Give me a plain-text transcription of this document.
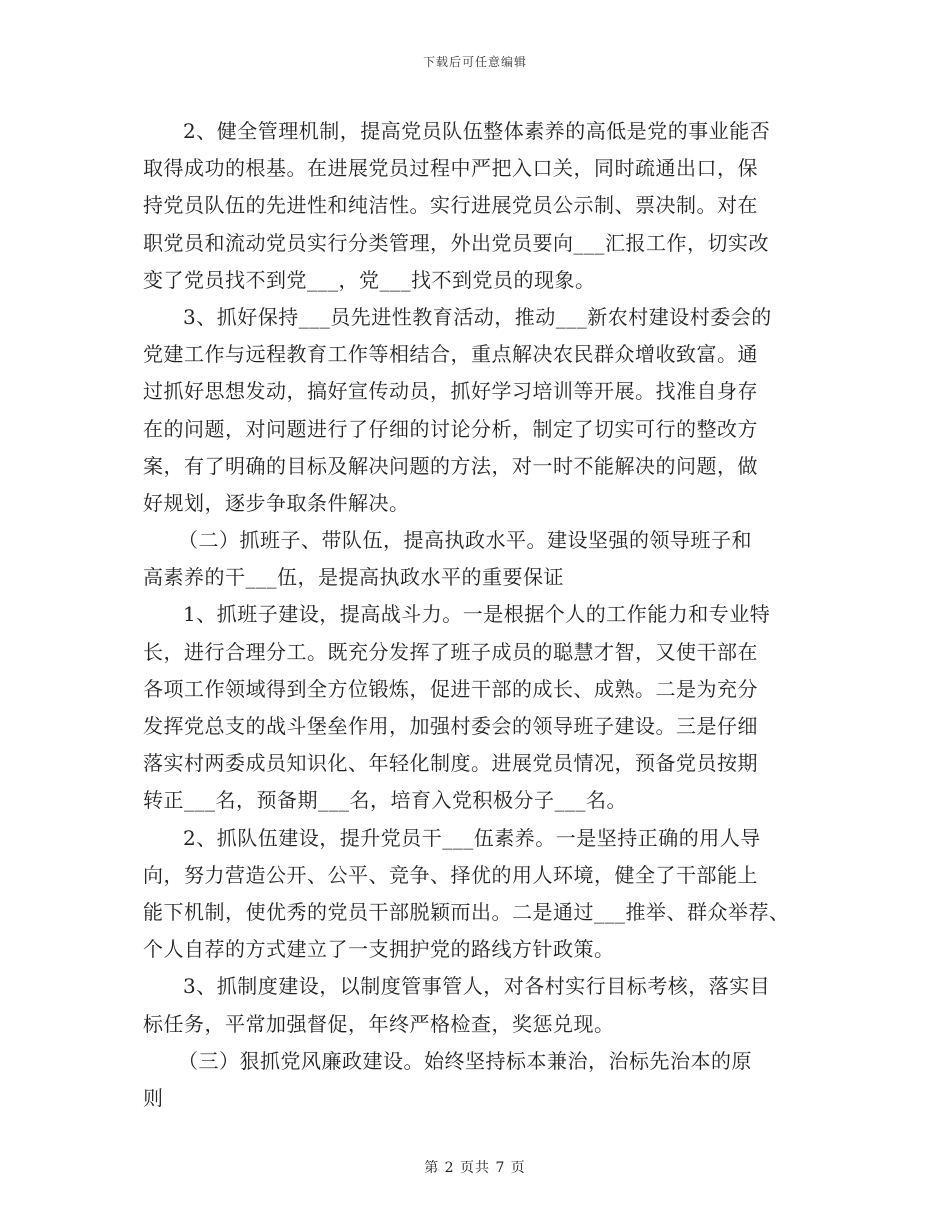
下载后可任意编辑
2、健全管理机制，提高党员队伍整体素养的高低是党的事业能否
取得成功的根基。在进展党员过程中严把入口关，同时疏通出口，保
持党员队伍的先进性和纯洁性。实行进展党员公示制、票决制。对在
职党员和流动党员实行分类管理，外出党员要向___汇报工作，切实改
变了党员找不到党___，党___找不到党员的现象。
3、抓好保持___员先进性教育活动，推动___新农村建设村委会的
党建工作与远程教育工作等相结合，重点解决农民群众增收致富。通
过抓好思想发动，搞好宣传动员，抓好学习培训等开展。找准自身存
在的问题，对问题进行了仔细的讨论分析，制定了切实可行的整改方
案，有了明确的目标及解决问题的方法，对一时不能解决的问题，做
好规划，逐步争取条件解决。
（二）抓班子、带队伍，提高执政水平。建设坚强的领导班子和
高素养的干___伍，是提高执政水平的重要保证
1、抓班子建设，提高战斗力。一是根据个人的工作能力和专业特
长，进行合理分工。既充分发挥了班子成员的聪慧才智，又使干部在
各项工作领域得到全方位锻炼，促进干部的成长、成熟。二是为充分
发挥党总支的战斗堡垒作用，加强村委会的领导班子建设。三是仔细
落实村两委成员知识化、年轻化制度。进展党员情况，预备党员按期
转正___名，预备期___名，培育入党积极分子___名。
2、抓队伍建设，提升党员干___伍素养。一是坚持正确的用人导
向，努力营造公开、公平、竞争、择优的用人环境，健全了干部能上
能下机制，使优秀的党员干部脱颖而出。二是通过___推举、群众举荐、
个人自荐的方式建立了一支拥护党的路线方针政策。
3、抓制度建设，以制度管事管人，对各村实行目标考核，落实目
标任务，平常加强督促，年终严格检查，奖惩兑现。
（三）狠抓党风廉政建设。始终坚持标本兼治，治标先治本的原
则
第 2 页共 7 页
